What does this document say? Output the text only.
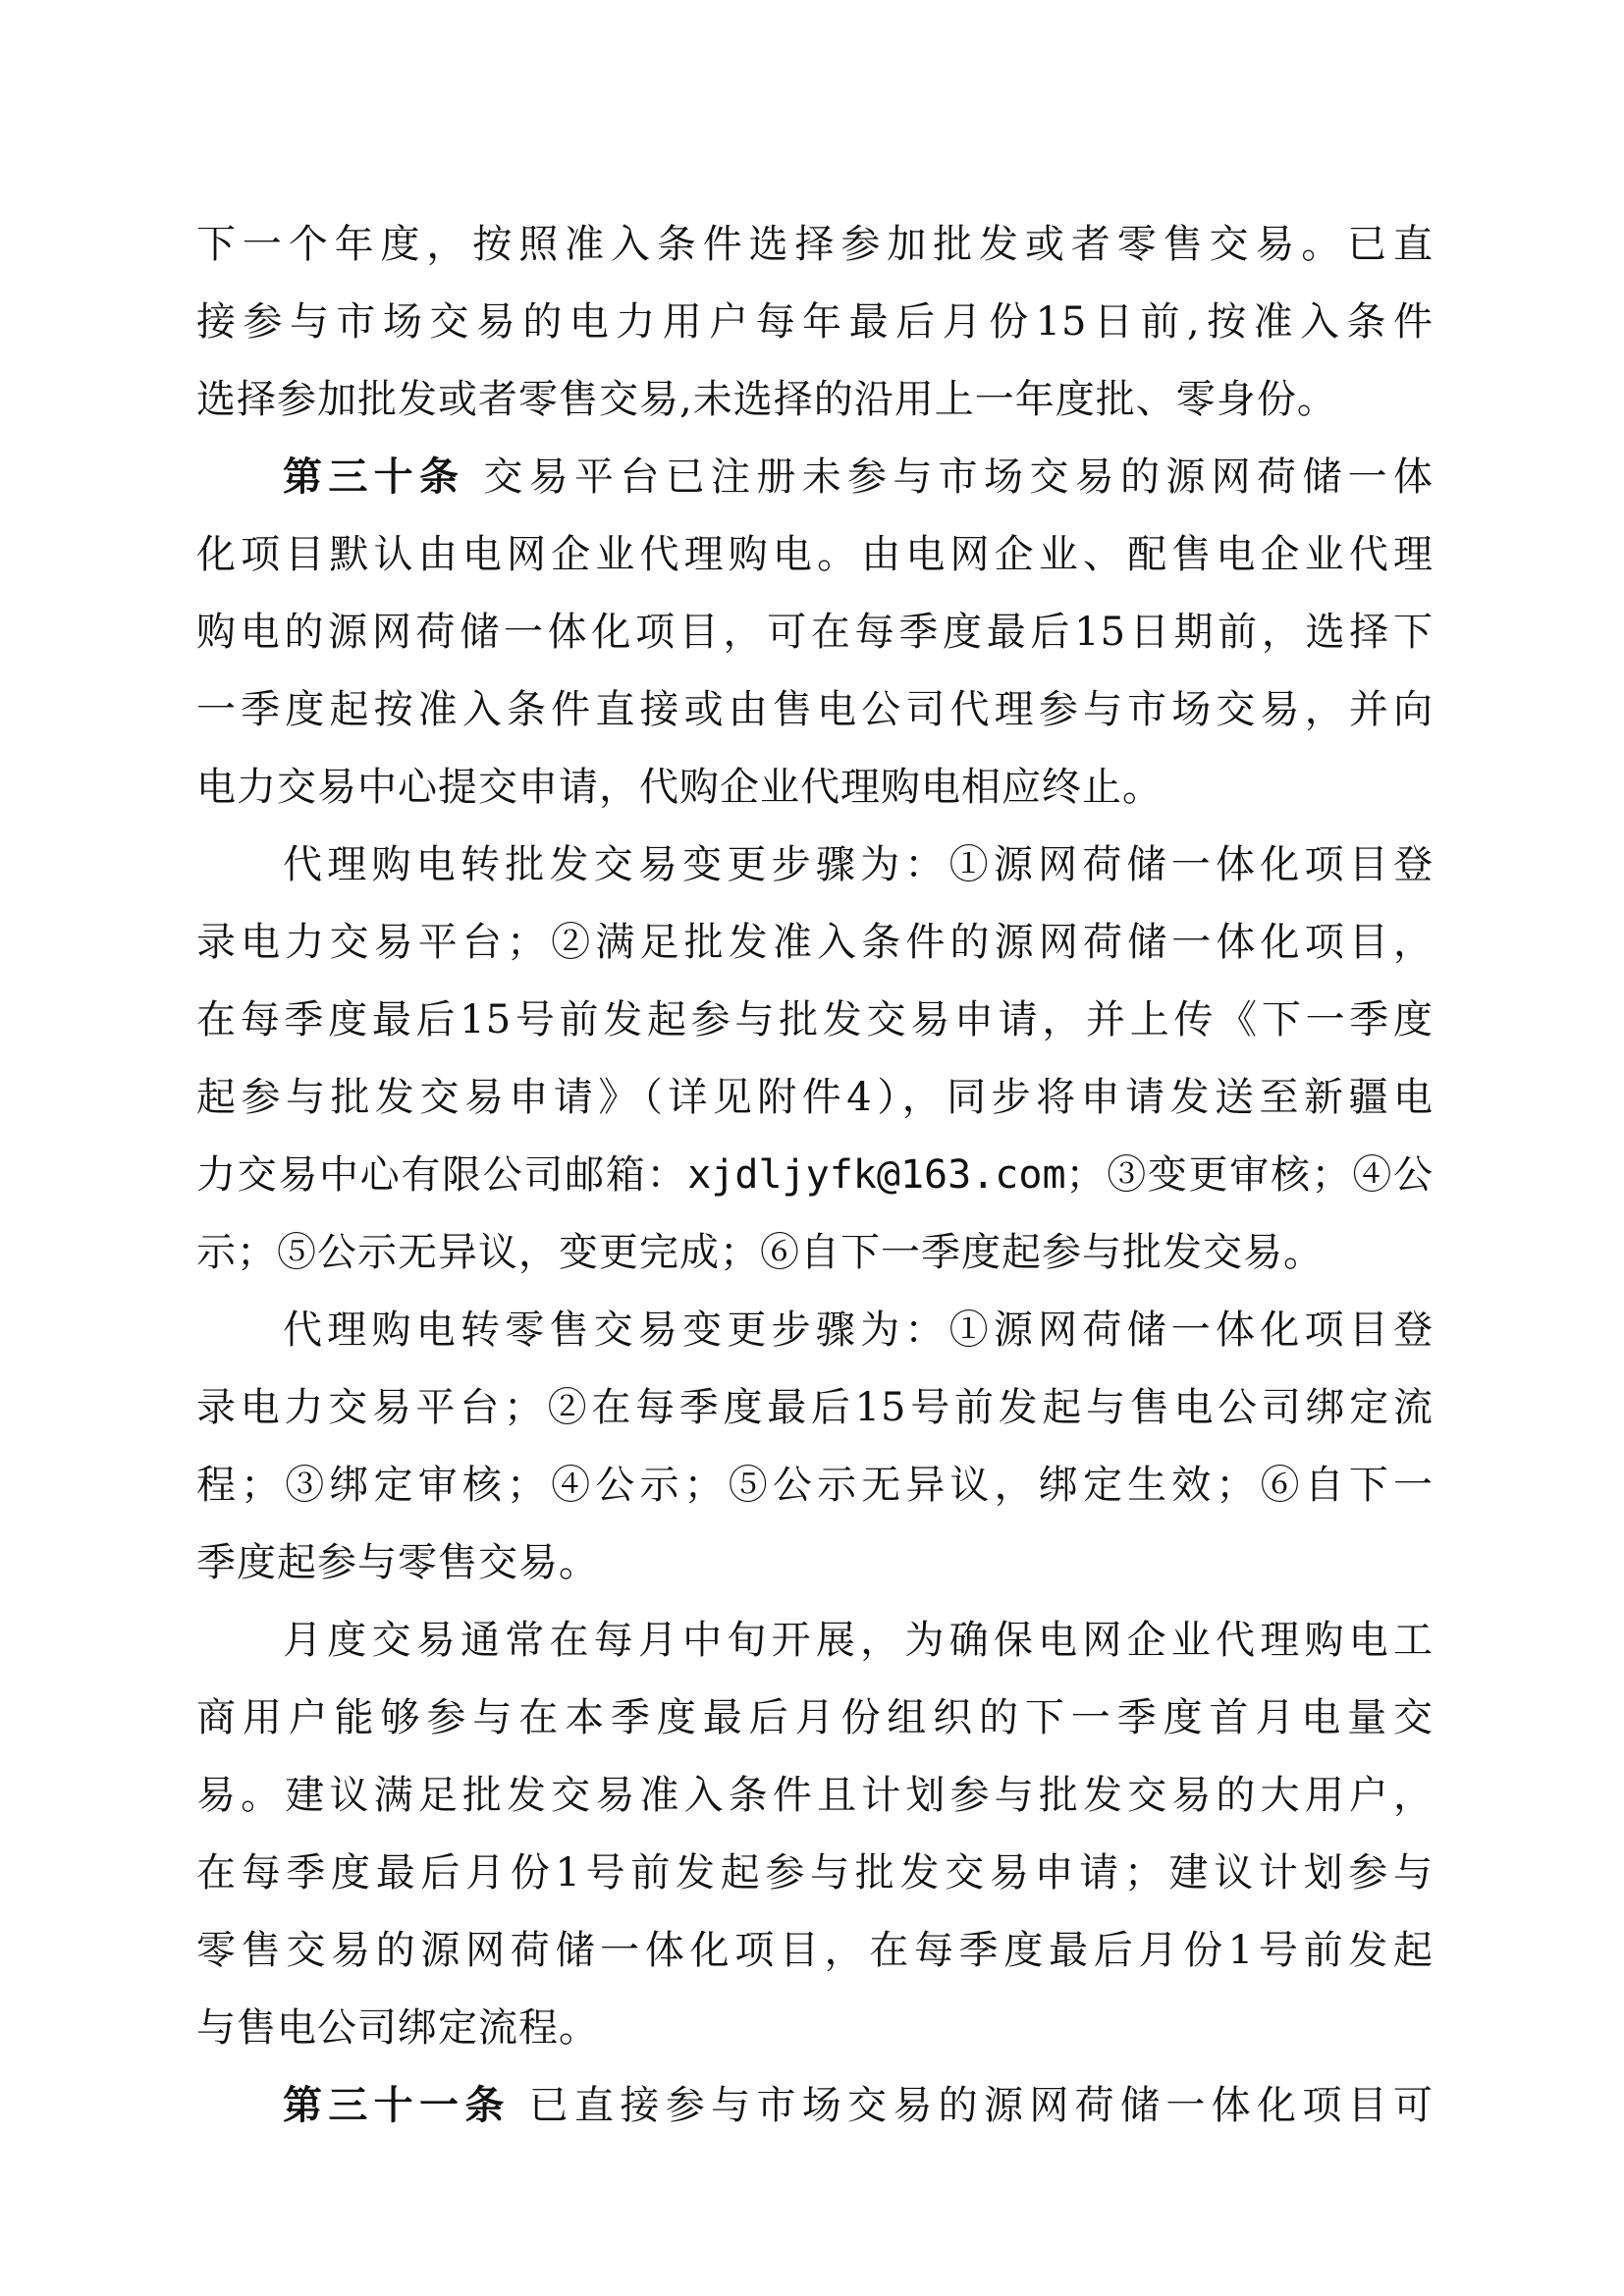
下一个年度，按照准入条件选择参加批发或者零售交易。已直
接参与市场交易的电力用户每年最后月份15日前,按准入条件
选择参加批发或者零售交易,未选择的沿用上一年度批、零身份。
第三十条 交易平台已注册未参与市场交易的源网荷储一体
化项目默认由电网企业代理购电。由电网企业、配售电企业代理
购电的源网荷储一体化项目，可在每季度最后15日期前，选择下
一季度起按准入条件直接或由售电公司代理参与市场交易，并向
电力交易中心提交申请，代购企业代理购电相应终止。
代理购电转批发交易变更步骤为：①源网荷储一体化项目登
录电力交易平台；②满足批发准入条件的源网荷储一体化项目，
在每季度最后15号前发起参与批发交易申请，并上传《下一季度
起参与批发交易申请》（详见附件4），同步将申请发送至新疆电
力交易中心有限公司邮箱：xjdljyfk@163.com；③变更审核；④公
示；⑤公示无异议，变更完成；⑥自下一季度起参与批发交易。
代理购电转零售交易变更步骤为：①源网荷储一体化项目登
录电力交易平台；②在每季度最后15号前发起与售电公司绑定流
程；③绑定审核；④公示；⑤公示无异议，绑定生效；⑥自下一
季度起参与零售交易。
月度交易通常在每月中旬开展，为确保电网企业代理购电工
商用户能够参与在本季度最后月份组织的下一季度首月电量交
易。建议满足批发交易准入条件且计划参与批发交易的大用户，
在每季度最后月份1号前发起参与批发交易申请；建议计划参与
零售交易的源网荷储一体化项目，在每季度最后月份1号前发起
与售电公司绑定流程。
第三十一条 已直接参与市场交易的源网荷储一体化项目可
